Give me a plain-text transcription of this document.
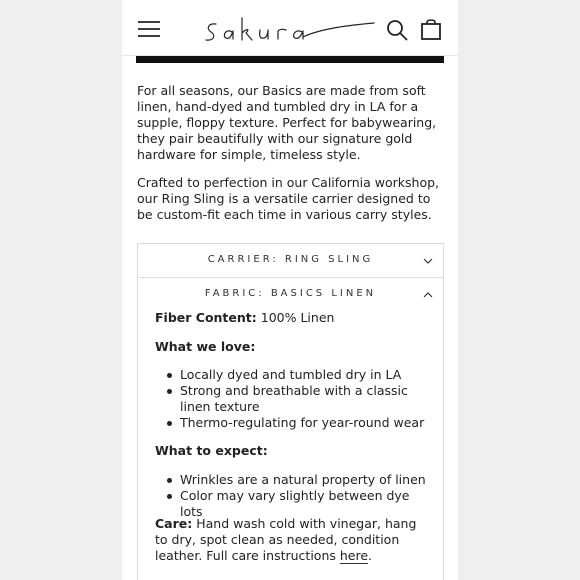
For all seasons, our Basics are made from soft linen, hand-dyed and tumbled dry in LA for a supple, floppy texture. Perfect for babywearing, they pair beautifully with our signature gold hardware for simple, timeless style.

Crafted to perfection in our California workshop, our Ring Sling is a versatile carrier designed to be custom-fit each time in various carry styles.

CARRIER: RING SLING
FABRIC: BASICS LINEN
Fiber Content: 100% Linen
What we love:
Locally dyed and tumbled dry in LA
Strong and breathable with a classic linen texture
Thermo-regulating for year-round wear
What to expect:
Wrinkles are a natural property of linen
Color may vary slightly between dye lots
Care: Hand wash cold with vinegar, hang to dry, spot clean as needed, condition leather. Full care instructions here.
